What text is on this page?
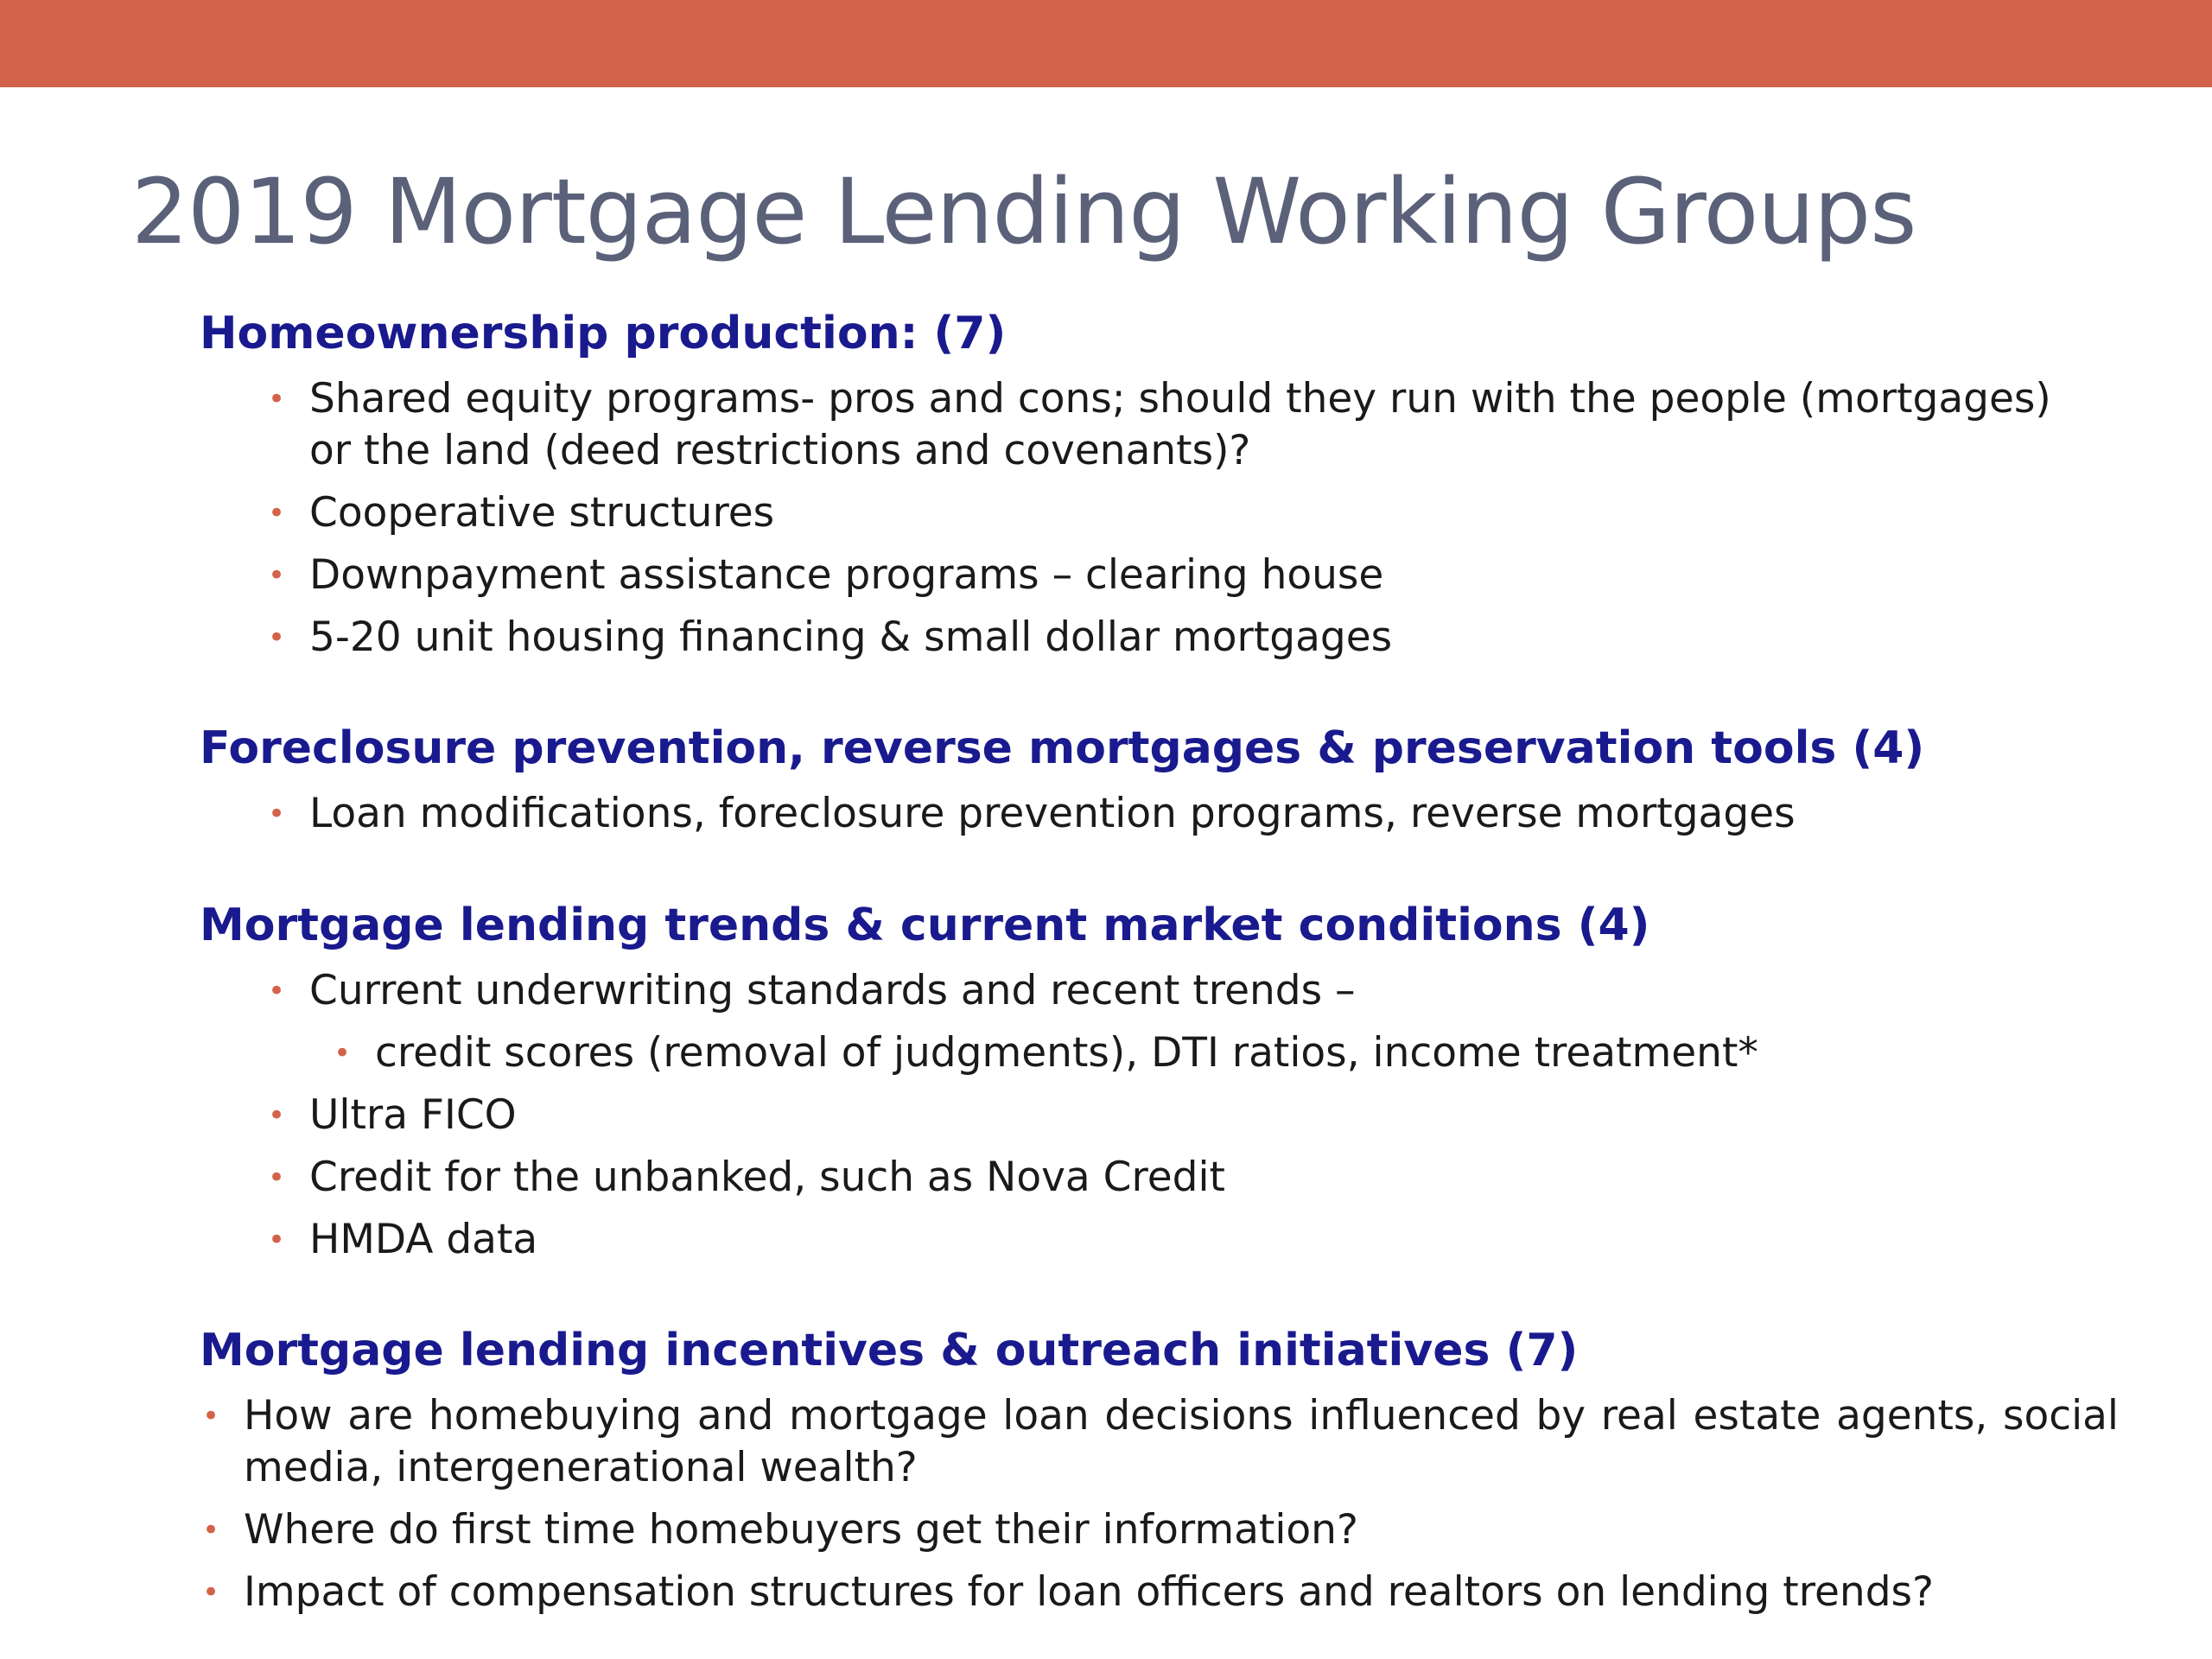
2019 Mortgage Lending Working Groups
Homeownership production: (7)
• Shared equity programs- pros and cons; should they run with the people (mortgages) or the land (deed restrictions and covenants)?
• Cooperative structures
• Downpayment assistance programs – clearing house
• 5-20 unit housing financing & small dollar mortgages
Foreclosure prevention, reverse mortgages & preservation tools (4)
• Loan modifications, foreclosure prevention programs, reverse mortgages
Mortgage lending trends & current market conditions (4)
• Current underwriting standards and recent trends –
• credit scores (removal of judgments), DTI ratios, income treatment*
• Ultra FICO
• Credit for the unbanked, such as Nova Credit
• HMDA data
Mortgage lending incentives & outreach initiatives (7)
• How are homebuying and mortgage loan decisions influenced by real estate agents, social media, intergenerational wealth?
• Where do first time homebuyers get their information?
• Impact of compensation structures for loan officers and realtors on lending trends?
